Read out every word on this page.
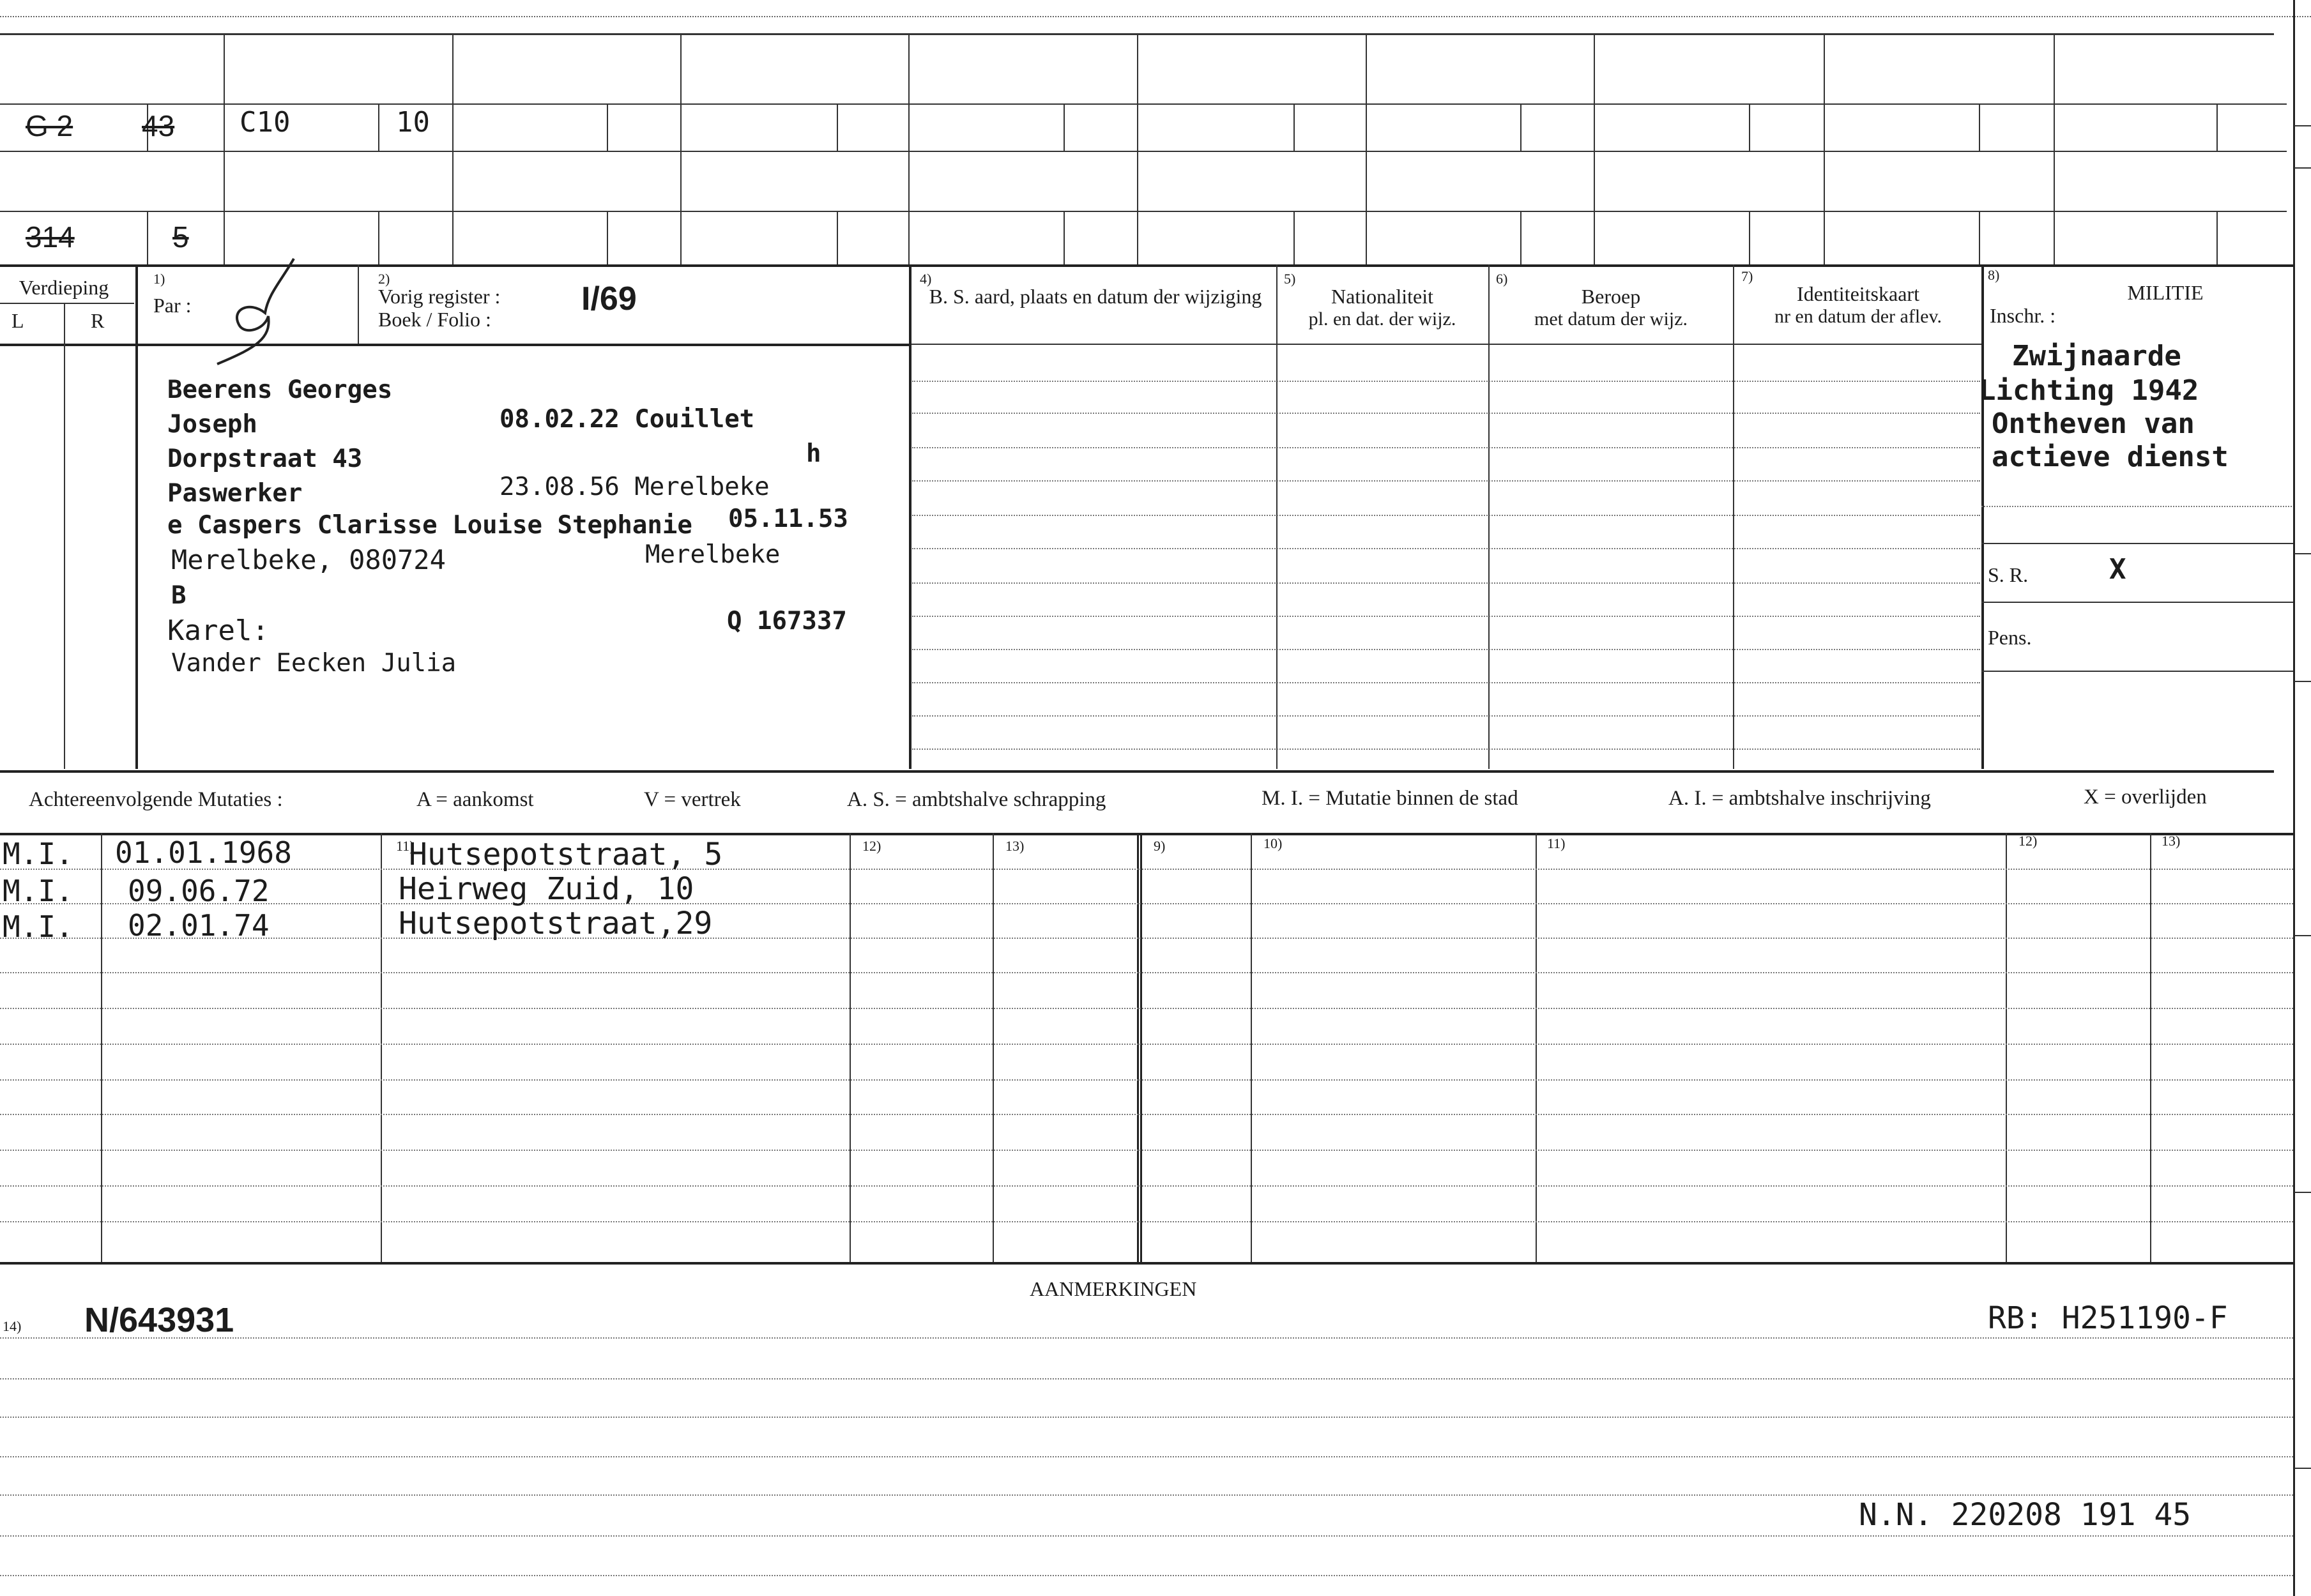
G 2 43 C10	10
314	5
Verdieping
L	R
1)
Par :
2)
Vorig register :
Boek / Folio :
I/69
4)
B. S. aard, plaats en datum der wijziging
5)
Nationaliteit
pl. en dat. der wijz.
6)
Beroep
met datum der wijz.
7)
Identiteitskaart
nr en datum der aflev.
8)
MILITIE
Inschr. :
Beerens Georges
Joseph	08.02.22 Couillet
Dorpstraat 43	h
Paswerker	23.08.56 Merelbeke
e Caspers Clarisse Louise Stephanie 05.11.53
Merelbeke, 080724	Merelbeke
B
Karel:	Q 167337
Vander Eecken Julia
Zwijnaarde
Lichting 1942
Ontheven van
actieve dienst
S. R.	X
Pens.
Achtereenvolgende Mutaties :	A = aankomst	V = vertrek	A. S. = ambtshalve schrapping	M. I. = Mutatie binnen de stad	A. I. = ambtshalve inschrijving	X = overlijden
11)	12)	13)	9)	10)	11)	12)	13)
M.I. 01.01.1968	Hutsepotstraat, 5
M.I. 09.06.72	Heirweg Zuid, 10
M.I. 02.01.74	Hutsepotstraat,29
AANMERKINGEN
14) N/643931	RB: H251190-F
N.N. 220208 191 45
